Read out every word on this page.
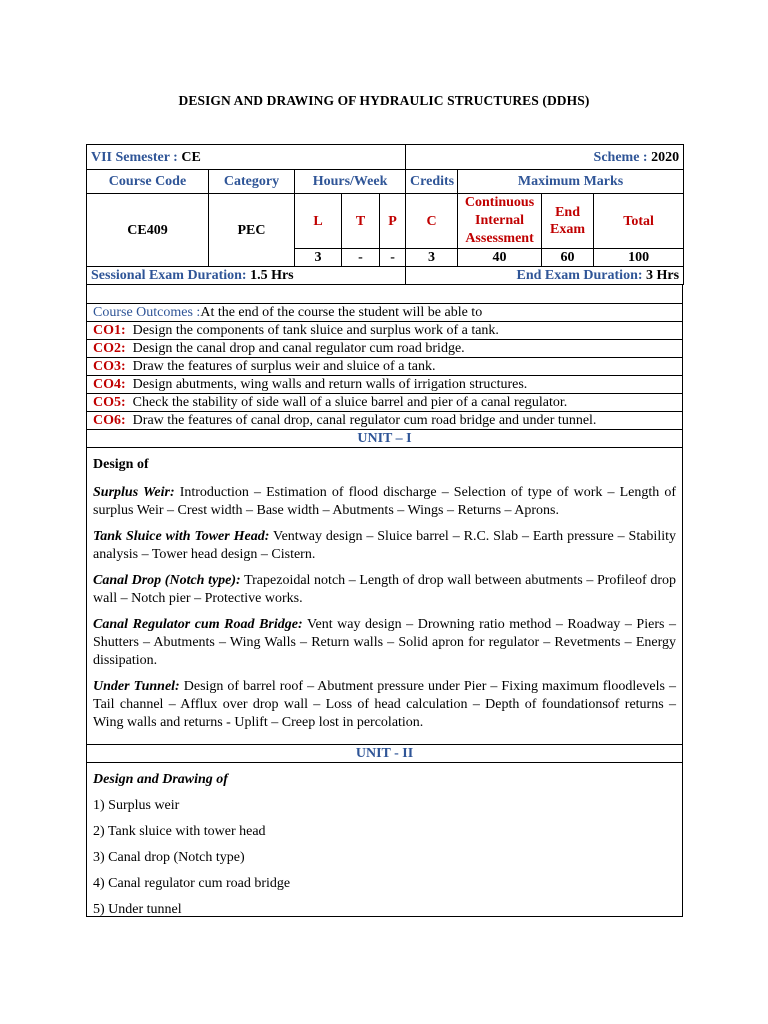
DESIGN AND DRAWING OF HYDRAULIC STRUCTURES (DDHS)
VII Semester : CE					Scheme : 2020			
Course Code	Category	Hours/Week			Credits	Maximum Marks		
CE409	PEC	L	T	P	C	Continuous Internal Assessment	End Exam	Total
		3	-	-	3	40	60	100
Sessional Exam Duration: 1.5 Hrs					End Exam Duration: 3 Hrs			
Course Outcomes :At the end of the course the student will be able to
CO1: Design the components of tank sluice and surplus work of a tank.
CO2: Design the canal drop and canal regulator cum road bridge.
CO3: Draw the features of surplus weir and sluice of a tank.
CO4: Design abutments, wing walls and return walls of irrigation structures.
CO5: Check the stability of side wall of a sluice barrel and pier of a canal regulator.
CO6: Draw the features of canal drop, canal regulator cum road bridge and under tunnel.
UNIT – I

Design of

Surplus Weir: Introduction – Estimation of flood discharge – Selection of type of work – Length of surplus Weir – Crest width – Base width – Abutments – Wings – Returns – Aprons.

Tank Sluice with Tower Head: Ventway design – Sluice barrel – R.C. Slab – Earth pressure – Stability analysis – Tower head design – Cistern.

Canal Drop (Notch type): Trapezoidal notch – Length of drop wall between abutments – Profileof drop wall – Notch pier – Protective works.

Canal Regulator cum Road Bridge: Vent way design – Drowning ratio method – Roadway – Piers – Shutters – Abutments – Wing Walls – Return walls – Solid apron for regulator – Revetments – Energy dissipation.

Under Tunnel: Design of barrel roof – Abutment pressure under Pier – Fixing maximum floodlevels – Tail channel – Afflux over drop wall – Loss of head calculation – Depth of foundationsof returns – Wing walls and returns - Uplift – Creep lost in percolation.

UNIT - II

Design and Drawing of

1) Surplus weir

2) Tank sluice with tower head

3) Canal drop (Notch type)

4) Canal regulator cum road bridge

5) Under tunnel
